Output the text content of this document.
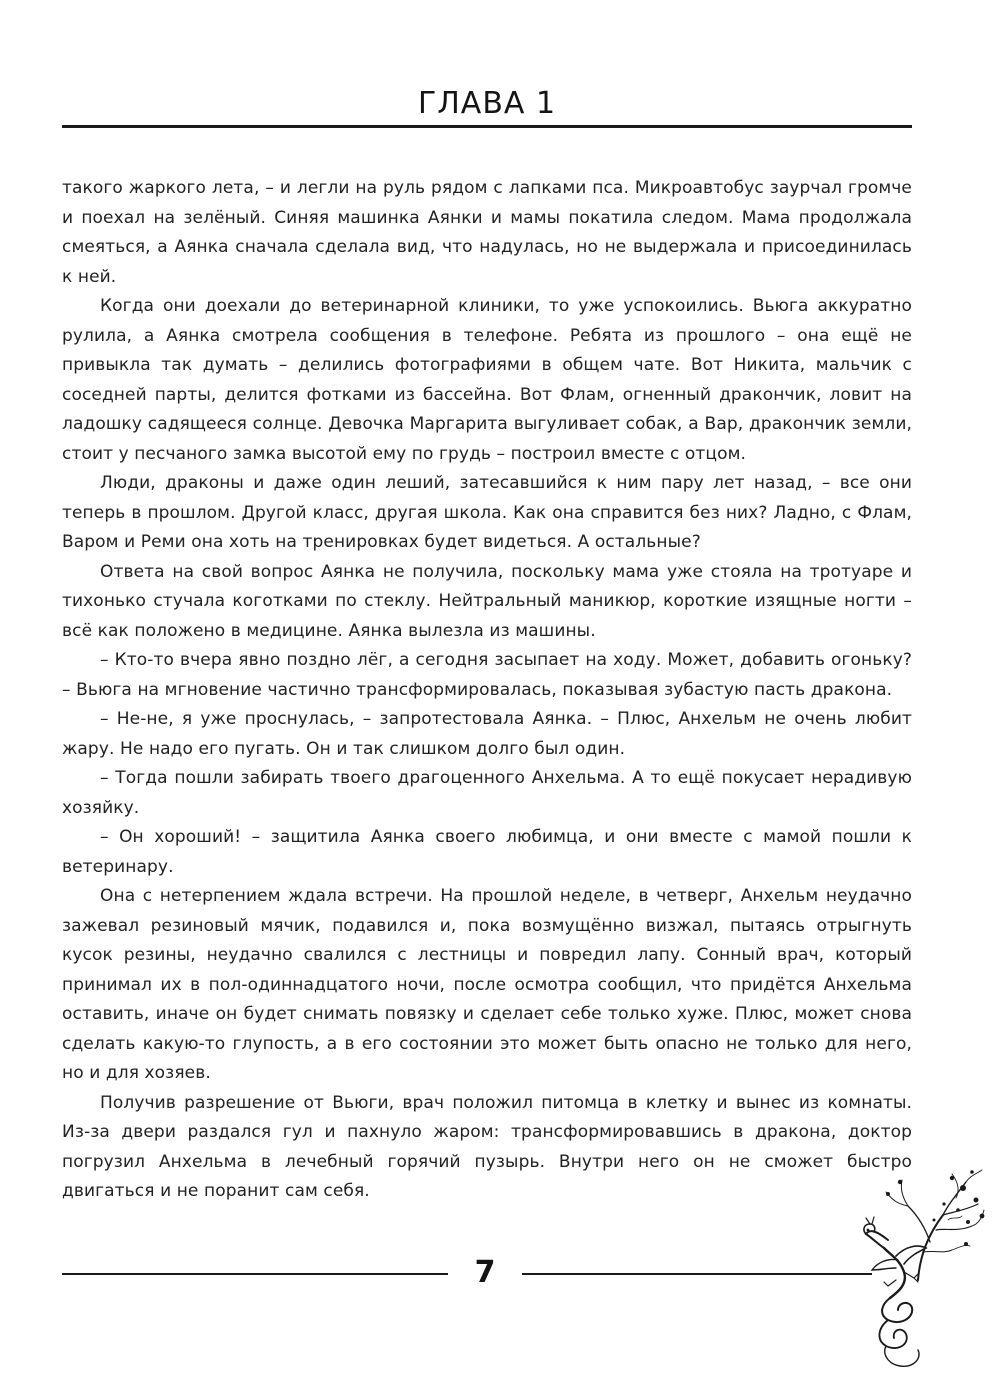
ГЛАВА 1

такого жаркого лета, – и легли на руль рядом с лапками пса. Микроавтобус заурчал громче и поехал на зелёный. Синяя машинка Аянки и мамы покатила следом. Мама продолжала смеяться, а Аянка сначала сделала вид, что надулась, но не выдержала и присоединилась к ней.

Когда они доехали до ветеринарной клиники, то уже успокоились. Вьюга аккуратно рулила, а Аянка смотрела сообщения в телефоне. Ребята из прошлого – она ещё не привыкла так думать – делились фотографиями в общем чате. Вот Никита, мальчик с соседней парты, делится фотками из бассейна. Вот Флам, огненный дракончик, ловит на ладошку садящееся солнце. Девочка Маргарита выгуливает собак, а Вар, дракончик земли, стоит у песчаного замка высотой ему по грудь – построил вместе с отцом.

Люди, драконы и даже один леший, затесавшийся к ним пару лет назад, – все они теперь в прошлом. Другой класс, другая школа. Как она справится без них? Ладно, с Флам, Варом и Реми она хоть на тренировках будет видеться. А остальные?

Ответа на свой вопрос Аянка не получила, поскольку мама уже стояла на тротуаре и тихонько стучала коготками по стеклу. Нейтральный маникюр, короткие изящные ногти – всё как положено в медицине. Аянка вылезла из машины.

– Кто-то вчера явно поздно лёг, а сегодня засыпает на ходу. Может, добавить огоньку? – Вьюга на мгновение частично трансформировалась, показывая зубастую пасть дракона.

– Не-не, я уже проснулась, – запротестовала Аянка. – Плюс, Анхельм не очень любит жару. Не надо его пугать. Он и так слишком долго был один.

– Тогда пошли забирать твоего драгоценного Анхельма. А то ещё покусает нерадивую хозяйку.

– Он хороший! – защитила Аянка своего любимца, и они вместе с мамой пошли к ветеринару.

Она с нетерпением ждала встречи. На прошлой неделе, в четверг, Анхельм неудачно зажевал резиновый мячик, подавился и, пока возмущённо визжал, пытаясь отрыгнуть кусок резины, неудачно свалился с лестницы и повредил лапу. Сонный врач, который принимал их в пол-одиннадцатого ночи, после осмотра сообщил, что придётся Анхельма оставить, иначе он будет снимать повязку и сделает себе только хуже. Плюс, может снова сделать какую-то глупость, а в его состоянии это может быть опасно не только для него, но и для хозяев.

Получив разрешение от Вьюги, врач положил питомца в клетку и вынес из комнаты. Из-за двери раздался гул и пахнуло жаром: трансформировавшись в дракона, доктор погрузил Анхельма в лечебный горячий пузырь. Внутри него он не сможет быстро двигаться и не поранит сам себя.

7
